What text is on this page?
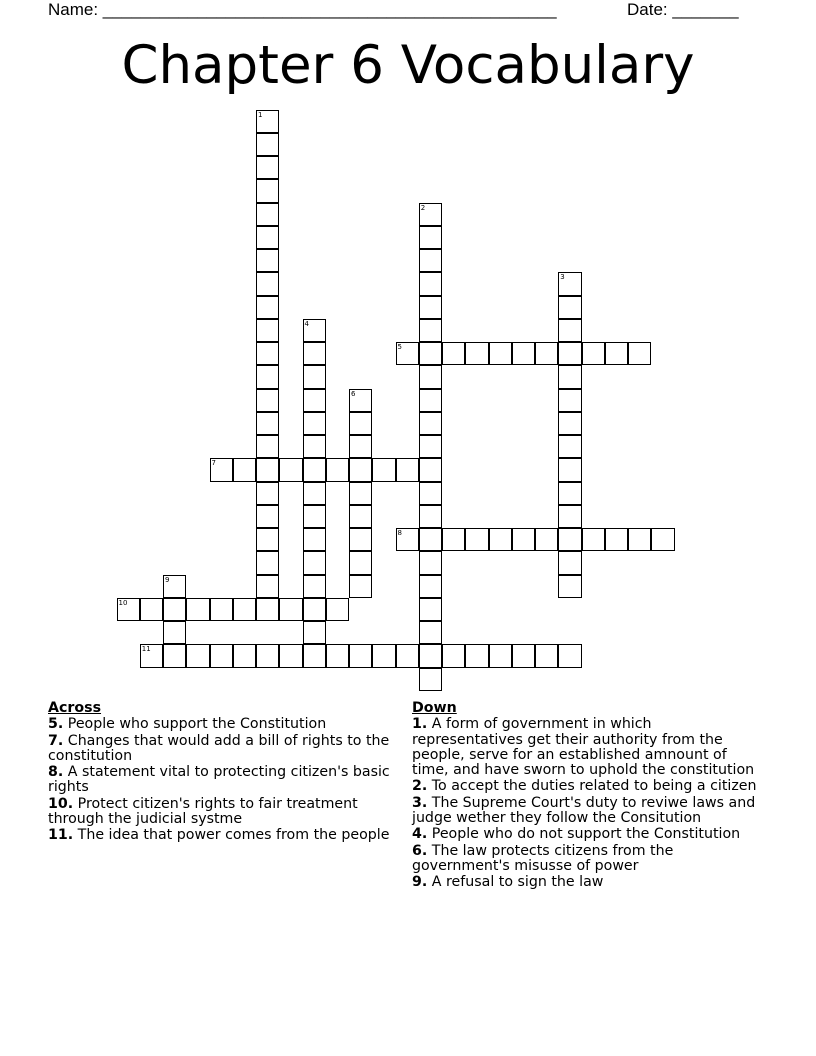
Name: ________________________________________________	Date: _______
Chapter 6 Vocabulary
1
2
3
4
5
6
7
8
9
10
11
Across
5. People who support the Constitution
7. Changes that would add a bill of rights to the constitution
8. A statement vital to protecting citizen's basic rights
10. Protect citizen's rights to fair treatment through the judicial systme
11. The idea that power comes from the people
Down
1. A form of government in which representatives get their authority from the people, serve for an established amnount of time, and have sworn to uphold the constitution
2. To accept the duties related to being a citizen
3. The Supreme Court's duty to reviwe laws and judge wether they follow the Consitution
4. People who do not support the Constitution
6. The law protects citizens from the government's misusse of power
9. A refusal to sign the law
